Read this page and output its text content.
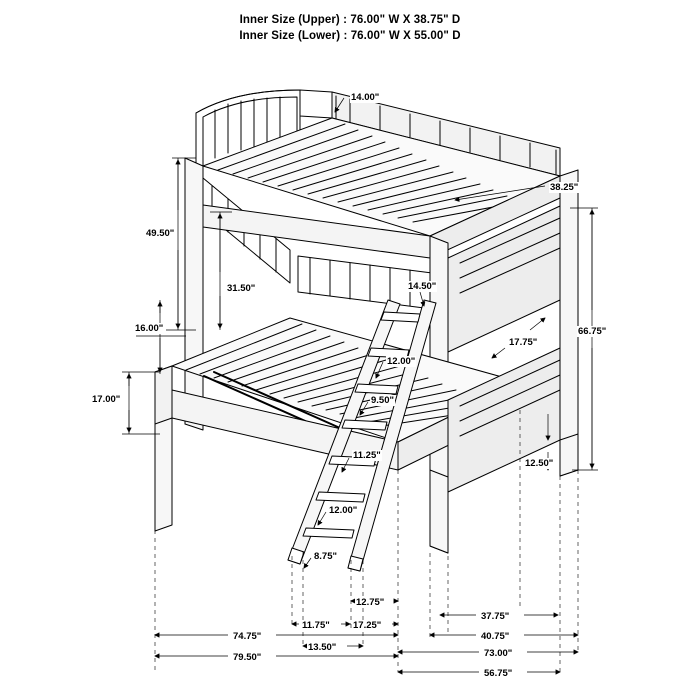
Inner Size (Upper) : 76.00" W X 38.75" D
Inner Size (Lower) : 76.00" W X 55.00" D
14.00"
38.25"
49.50"
31.50"	14.50"
16.00"	66.75"
17.75"
12.00"
9.50"
17.00"
11.25"
12.50"
12.00"
8.75"
12.75"
37.75"
11.75" 17.25"
40.75"
74.75"
13.50"
73.00"
79.50"
56.75"
